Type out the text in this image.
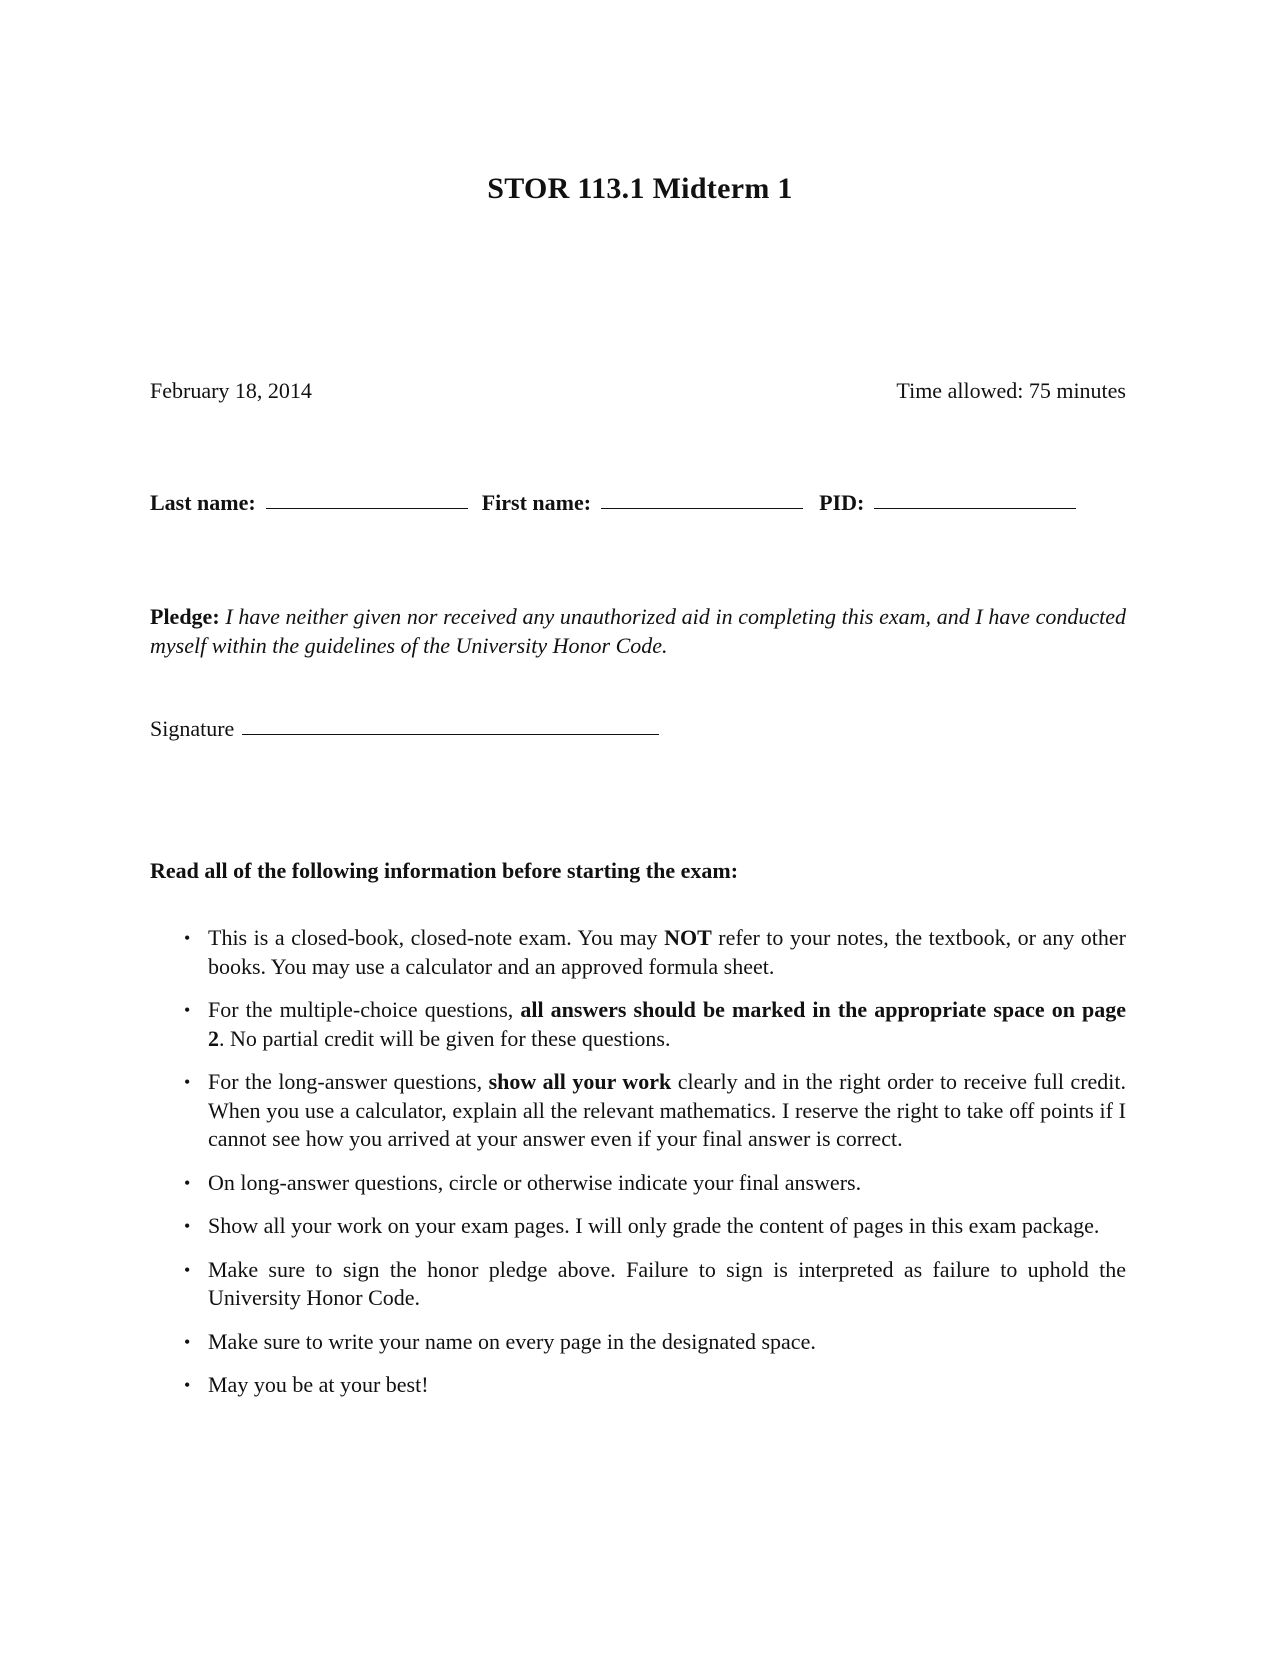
STOR 113.1 Midterm 1
February 18, 2014	Time allowed: 75 minutes
Last name:	First name:	PID:
Pledge: I have neither given nor received any unauthorized aid in completing this exam, and I have conducted myself within the guidelines of the University Honor Code.
Signature
Read all of the following information before starting the exam:
• This is a closed-book, closed-note exam. You may NOT refer to your notes, the textbook, or any other books. You may use a calculator and an approved formula sheet.
• For the multiple-choice questions, all answers should be marked in the appropriate space on page 2. No partial credit will be given for these questions.
• For the long-answer questions, show all your work clearly and in the right order to receive full credit. When you use a calculator, explain all the relevant mathematics. I reserve the right to take off points if I cannot see how you arrived at your answer even if your final answer is correct.
• On long-answer questions, circle or otherwise indicate your final answers.
• Show all your work on your exam pages. I will only grade the content of pages in this exam package.
• Make sure to sign the honor pledge above. Failure to sign is interpreted as failure to uphold the University Honor Code.
• Make sure to write your name on every page in the designated space.
• May you be at your best!
